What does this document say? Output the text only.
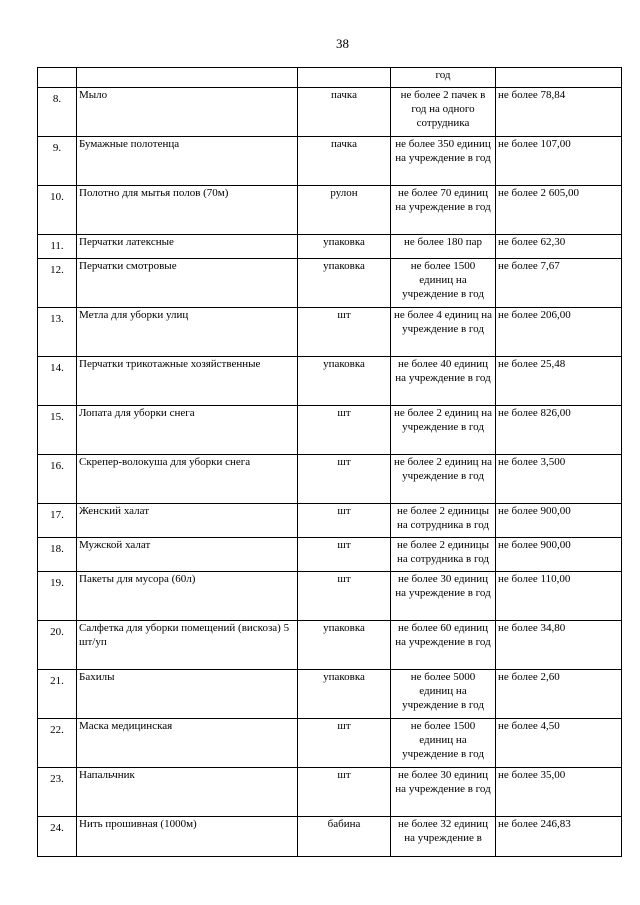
38
			год	
8.	Мыло	пачка	не более 2 пачек в год на одного сотрудника	не более 78,84
9.	Бумажные полотенца	пачка	не более 350 единиц на учреждение в год	не более 107,00
10.	Полотно для мытья полов (70м)	рулон	не более 70 единиц на учреждение в год	не более 2 605,00
11.	Перчатки латексные	упаковка	не более 180 пар	не более 62,30
12.	Перчатки смотровые	упаковка	не более 1500 единиц на учреждение в год	не более 7,67
13.	Метла для уборки улиц	шт	не более 4 единиц на учреждение в год	не более 206,00
14.	Перчатки трикотажные хозяйственные	упаковка	не более 40 единиц на учреждение в год	не более 25,48
15.	Лопата для уборки снега	шт	не более 2 единиц на учреждение в год	не более 826,00
16.	Скрепер-волокуша для уборки снега	шт	не более 2 единиц на учреждение в год	не более 3,500
17.	Женский халат	шт	не более 2 единицы на сотрудника в год	не более 900,00
18.	Мужской халат	шт	не более 2 единицы на сотрудника в год	не более 900,00
19.	Пакеты для мусора (60л)	шт	не более 30 единиц на учреждение в год	не более 110,00
20.	Салфетка для уборки помещений (вискоза) 5 шт/уп	упаковка	не более 60 единиц на учреждение в год	не более 34,80
21.	Бахилы	упаковка	не более 5000 единиц на учреждение в год	не более 2,60
22.	Маска медицинская	шт	не более 1500 единиц на учреждение в год	не более 4,50
23.	Напальчник	шт	не более 30 единиц на учреждение в год	не более 35,00
24.	Нить прошивная (1000м)	бабина	не более 32 единиц на учреждение в	не более 246,83
